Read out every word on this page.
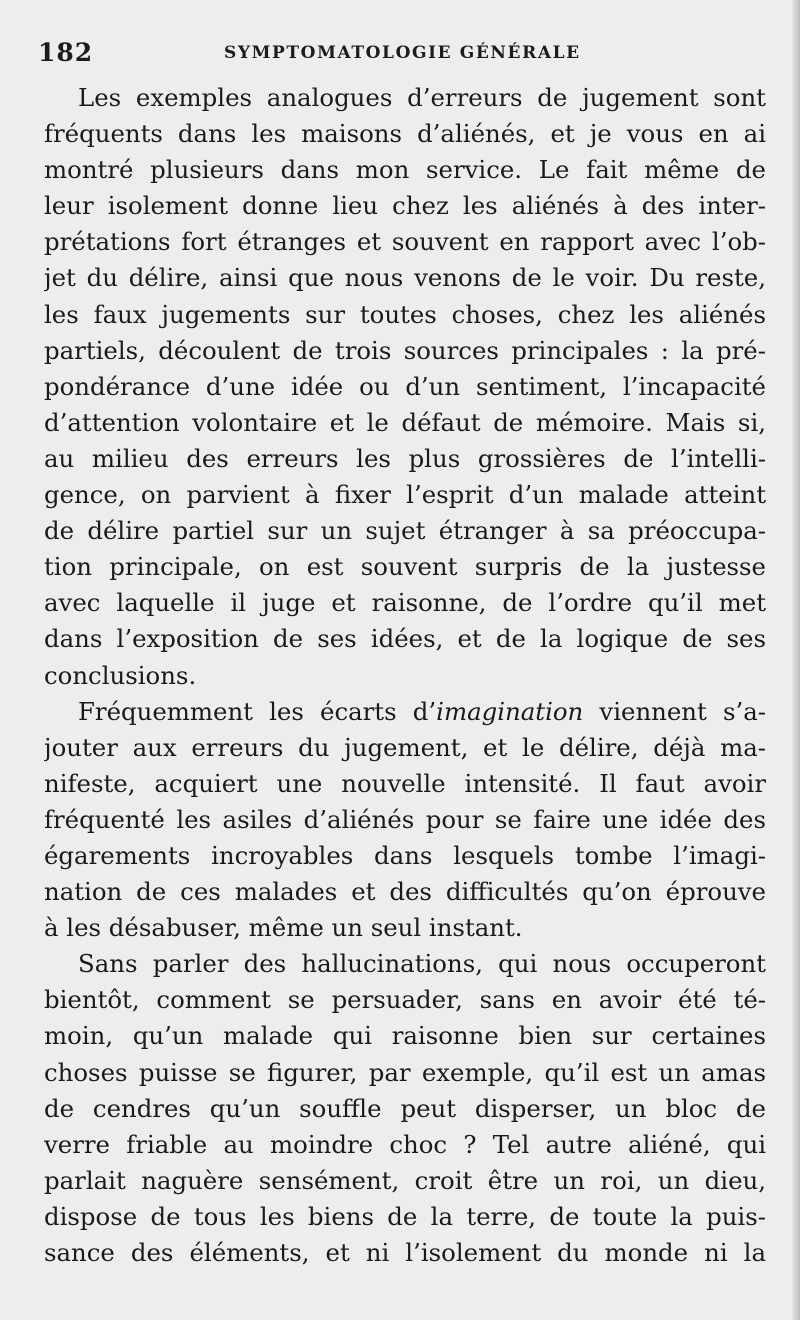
182	SYMPTOMATOLOGIE GÉNÉRALE

Les exemples analogues d’erreurs de jugement sont
fréquents dans les maisons d’aliénés, et je vous en ai
montré plusieurs dans mon service. Le fait même de
leur isolement donne lieu chez les aliénés à des inter-
prétations fort étranges et souvent en rapport avec l’ob-
jet du délire, ainsi que nous venons de le voir. Du reste,
les faux jugements sur toutes choses, chez les aliénés
partiels, découlent de trois sources principales : la pré-
pondérance d’une idée ou d’un sentiment, l’incapacité
d’attention volontaire et le défaut de mémoire. Mais si,
au milieu des erreurs les plus grossières de l’intelli-
gence, on parvient à fixer l’esprit d’un malade atteint
de délire partiel sur un sujet étranger à sa préoccupa-
tion principale, on est souvent surpris de la justesse
avec laquelle il juge et raisonne, de l’ordre qu’il met
dans l’exposition de ses idées, et de la logique de ses
conclusions.

Fréquemment les écarts d’imagination viennent s’a-
jouter aux erreurs du jugement, et le délire, déjà ma-
nifeste, acquiert une nouvelle intensité. Il faut avoir
fréquenté les asiles d’aliénés pour se faire une idée des
égarements incroyables dans lesquels tombe l’imagi-
nation de ces malades et des difficultés qu’on éprouve
à les désabuser, même un seul instant.

Sans parler des hallucinations, qui nous occuperont
bientôt, comment se persuader, sans en avoir été té-
moin, qu’un malade qui raisonne bien sur certaines
choses puisse se figurer, par exemple, qu’il est un amas
de cendres qu’un souffle peut disperser, un bloc de
verre friable au moindre choc ? Tel autre aliéné, qui
parlait naguère sensément, croit être un roi, un dieu,
dispose de tous les biens de la terre, de toute la puis-
sance des éléments, et ni l’isolement du monde ni la
